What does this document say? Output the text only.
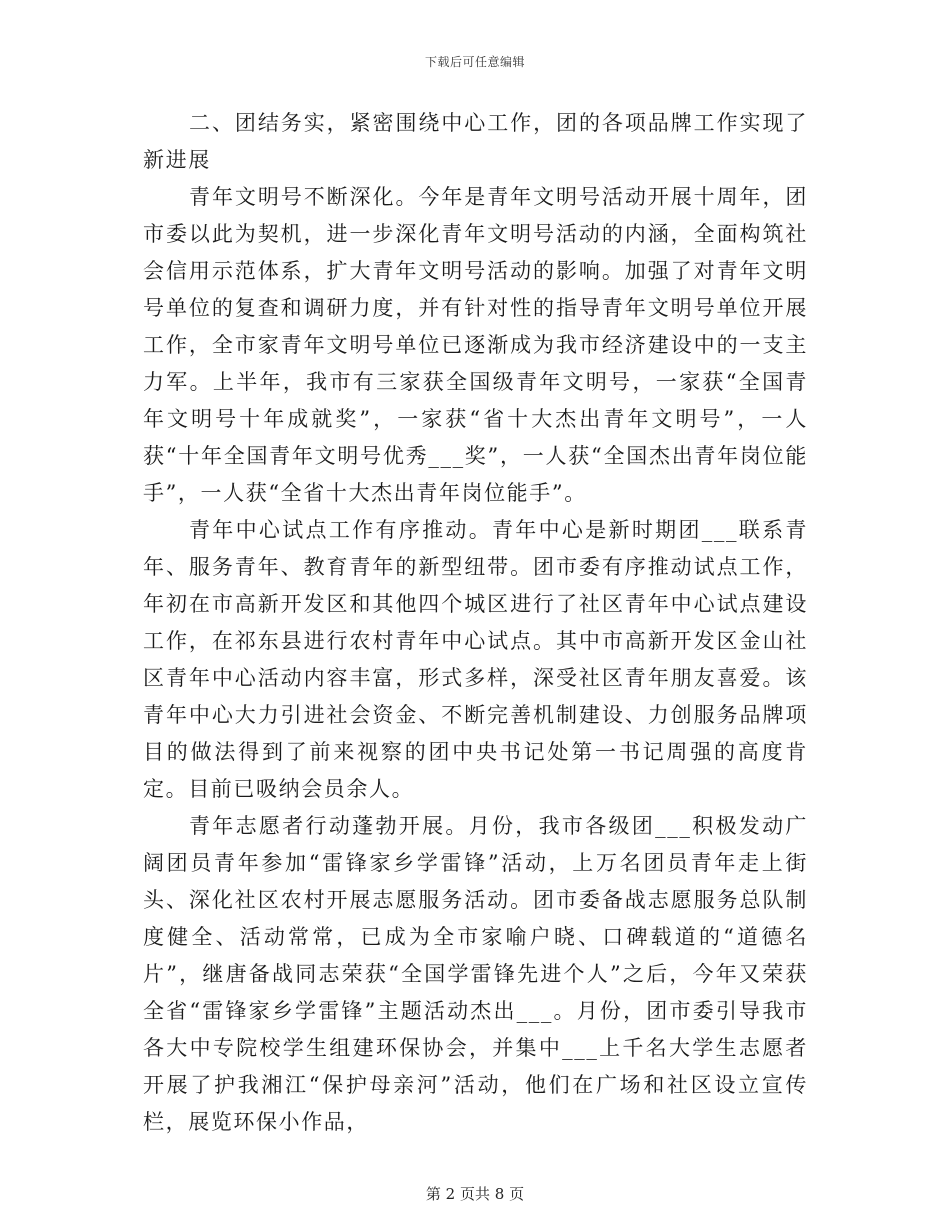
下载后可任意编辑

二、团结务实，紧密围绕中心工作，团的各项品牌工作实现了新进展

青年文明号不断深化。今年是青年文明号活动开展十周年，团市委以此为契机，进一步深化青年文明号活动的内涵，全面构筑社会信用示范体系，扩大青年文明号活动的影响。加强了对青年文明号单位的复查和调研力度，并有针对性的指导青年文明号单位开展工作，全市家青年文明号单位已逐渐成为我市经济建设中的一支主力军。上半年，我市有三家获全国级青年文明号，一家获“全国青年文明号十年成就奖”，一家获“省十大杰出青年文明号”，一人获“十年全国青年文明号优秀___奖”，一人获“全国杰出青年岗位能手”，一人获“全省十大杰出青年岗位能手”。

青年中心试点工作有序推动。青年中心是新时期团___联系青年、服务青年、教育青年的新型纽带。团市委有序推动试点工作，年初在市高新开发区和其他四个城区进行了社区青年中心试点建设工作，在祁东县进行农村青年中心试点。其中市高新开发区金山社区青年中心活动内容丰富，形式多样，深受社区青年朋友喜爱。该青年中心大力引进社会资金、不断完善机制建设、力创服务品牌项目的做法得到了前来视察的团中央书记处第一书记周强的高度肯定。目前已吸纳会员余人。

青年志愿者行动蓬勃开展。月份，我市各级团___积极发动广阔团员青年参加“雷锋家乡学雷锋”活动，上万名团员青年走上街头、深化社区农村开展志愿服务活动。团市委备战志愿服务总队制度健全、活动常常，已成为全市家喻户晓、口碑载道的“道德名片”，继唐备战同志荣获“全国学雷锋先进个人”之后，今年又荣获全省“雷锋家乡学雷锋”主题活动杰出___。月份，团市委引导我市各大中专院校学生组建环保协会，并集中___上千名大学生志愿者开展了护我湘江“保护母亲河”活动，他们在广场和社区设立宣传栏，展览环保小作品，

第 2 页共 8 页
